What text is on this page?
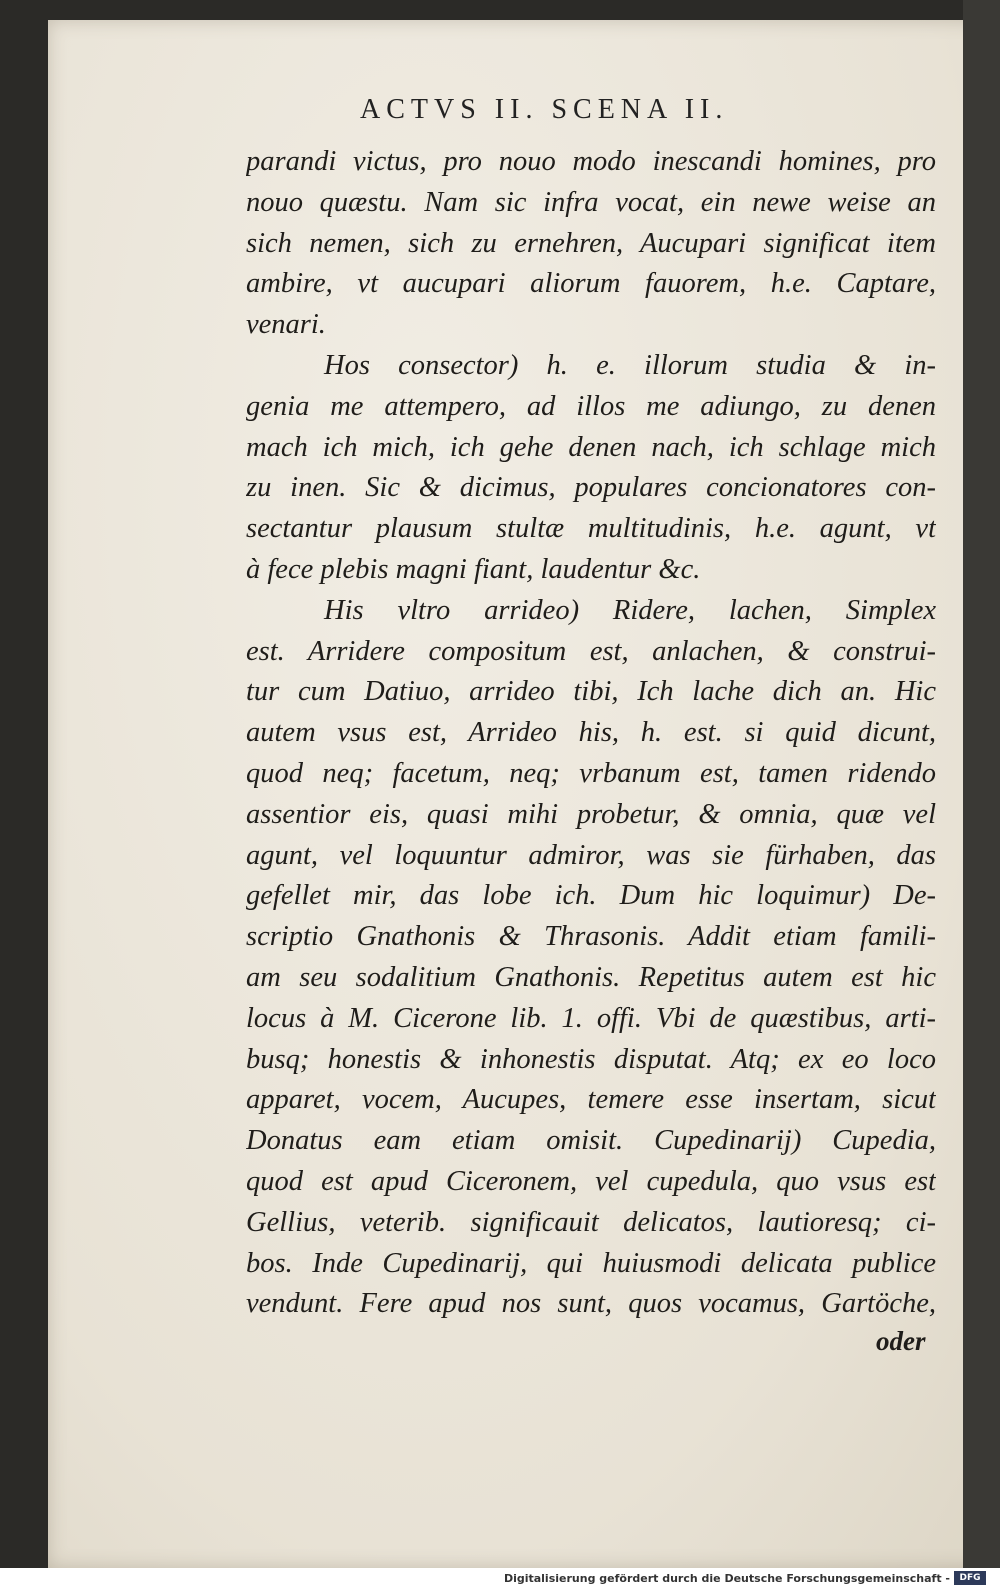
ACTVS II. SCENA II.
parandi victus, pro nouo modo inescandi homines, pro
nouo quæstu. Nam sic infra vocat, ein newe weise an
sich nemen, sich zu ernehren, Aucupari significat item
ambire, vt aucupari aliorum fauorem, h.e. Captare,
venari.
Hos consector) h. e. illorum studia & in-
genia me attempero, ad illos me adiungo, zu denen
mach ich mich, ich gehe denen nach, ich schlage mich
zu inen. Sic & dicimus, populares concionatores con-
sectantur plausum stultæ multitudinis, h.e. agunt, vt
à fece plebis magni fiant, laudentur &c.
His vltro arrideo) Ridere, lachen, Simplex
est. Arridere compositum est, anlachen, & construi-
tur cum Datiuo, arrideo tibi, Ich lache dich an. Hic
autem vsus est, Arrideo his, h. est. si quid dicunt,
quod neq; facetum, neq; vrbanum est, tamen ridendo
assentior eis, quasi mihi probetur, & omnia, quæ vel
agunt, vel loquuntur admiror, was sie fürhaben, das
gefellet mir, das lobe ich. Dum hic loquimur) De-
scriptio Gnathonis & Thrasonis. Addit etiam famili-
am seu sodalitium Gnathonis. Repetitus autem est hic
locus à M. Cicerone lib. 1. offi. Vbi de quæstibus, arti-
busq; honestis & inhonestis disputat. Atq; ex eo loco
apparet, vocem, Aucupes, temere esse insertam, sicut
Donatus eam etiam omisit. Cupedinarij) Cupedia,
quod est apud Ciceronem, vel cupedula, quo vsus est
Gellius, veterib. significauit delicatos, lautioresq; ci-
bos. Inde Cupedinarij, qui huiusmodi delicata publice
vendunt. Fere apud nos sunt, quos vocamus, Gartöche,
oder
Digitalisierung gefördert durch die Deutsche Forschungsgemeinschaft -	DFG
